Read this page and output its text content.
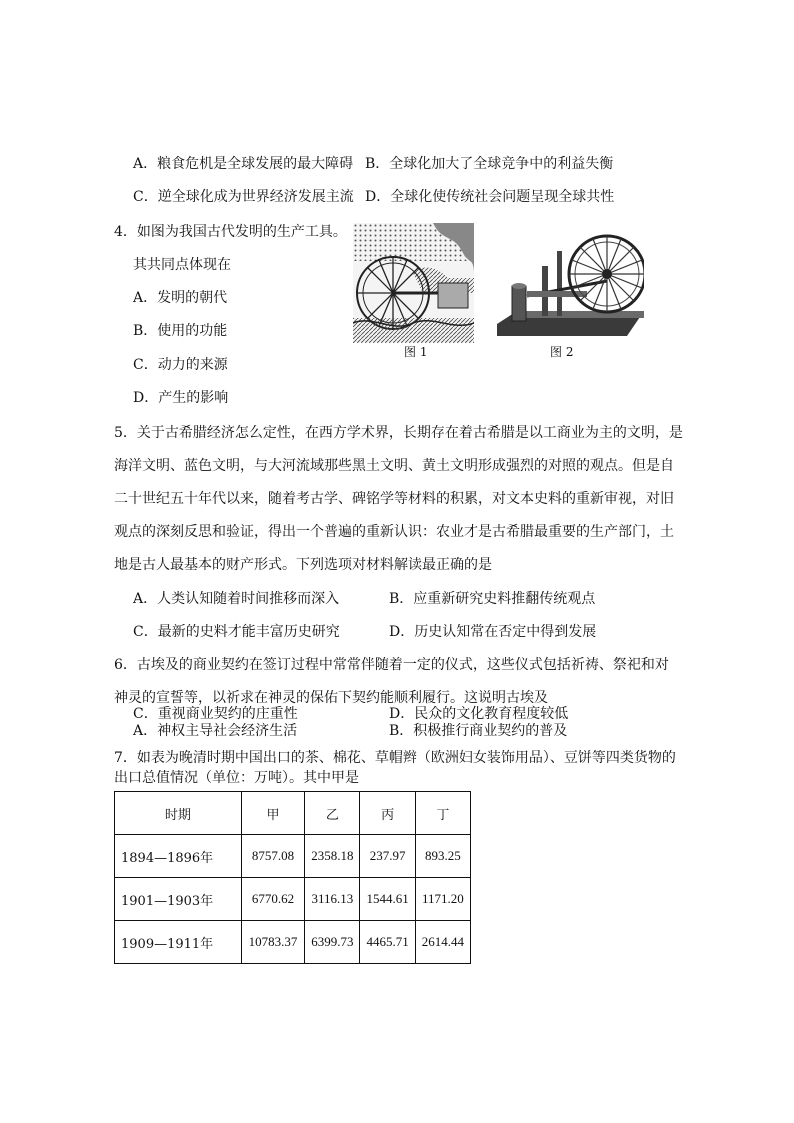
A．粮食危机是全球发展的最大障碍 B．全球化加大了全球竞争中的利益失衡
C．逆全球化成为世界经济发展主流 D．全球化使传统社会问题呈现全球共性
4．如图为我国古代发明的生产工具。
其共同点体现在
A．发明的朝代
B．使用的功能
C．动力的来源
D．产生的影响
图 1	图 2
5．关于古希腊经济怎么定性，在西方学术界，长期存在着古希腊是以工商业为主的文明，是
海洋文明、蓝色文明，与大河流域那些黑土文明、黄土文明形成强烈的对照的观点。但是自
二十世纪五十年代以来，随着考古学、碑铭学等材料的积累，对文本史料的重新审视，对旧
观点的深刻反思和验证，得出一个普遍的重新认识：农业才是古希腊最重要的生产部门，土
地是古人最基本的财产形式。下列选项对材料解读最正确的是
A．人类认知随着时间推移而深入	B．应重新研究史料推翻传统观点
C．最新的史料才能丰富历史研究	D．历史认知常在否定中得到发展
6．古埃及的商业契约在签订过程中常常伴随着一定的仪式，这些仪式包括祈祷、祭祀和对
神灵的宣誓等，以祈求在神灵的保佑下契约能顺利履行。这说明古埃及
A．神权主导社会经济生活	B．积极推行商业契约的普及
7．如表为晚清时期中国出口的茶、棉花、草帽辫（欧洲妇女装饰用品）、豆饼等四类货物的
出口总值情况（单位：万吨）。其中甲是
时期	甲	乙	丙	丁
1894—1896年	8757.08	2358.18	237.97	893.25
1901—1903年	6770.62	3116.13	1544.61	1171.20
1909—1911年	10783.37	6399.73	4465.71	2614.44
C．重视商业契约的庄重性	D．民众的文化教育程度较低
